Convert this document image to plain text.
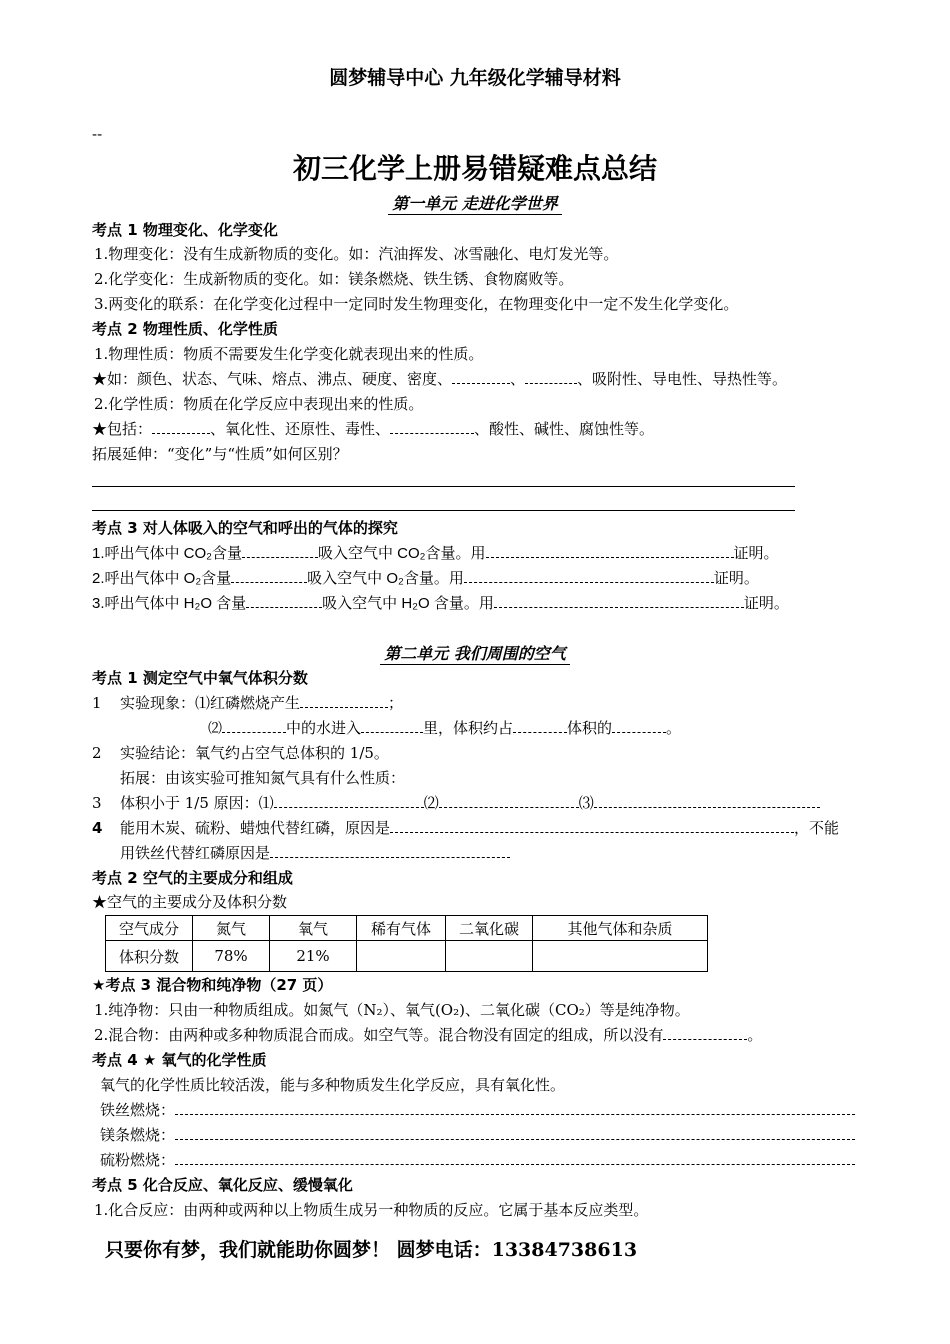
圆梦辅导中心 九年级化学辅导材料
--
初三化学上册易错疑难点总结
第一单元 走进化学世界
考点 1 物理变化、化学变化
1.物理变化：没有生成新物质的变化。如：汽油挥发、冰雪融化、电灯发光等。
2.化学变化：生成新物质的变化。如：镁条燃烧、铁生锈、食物腐败等。
3.两变化的联系：在化学变化过程中一定同时发生物理变化，在物理变化中一定不发生化学变化。
考点 2 物理性质、化学性质
1.物理性质：物质不需要发生化学变化就表现出来的性质。
★如：颜色、状态、气味、熔点、沸点、硬度、密度、	、	、吸附性、导电性、导热性等。
2.化学性质：物质在化学反应中表现出来的性质。
★包括：	、氧化性、还原性、毒性、	、酸性、碱性、腐蚀性等。
拓展延伸：“变化”与“性质”如何区别？
考点 3 对人体吸入的空气和呼出的气体的探究
1.呼出气体中 CO₂含量	吸入空气中 CO₂含量。用	证明。
2.呼出气体中 O₂含量	吸入空气中 O₂含量。用	证明。
3.呼出气体中 H₂O 含量	吸入空气中 H₂O 含量。用	证明。
第二单元 我们周围的空气
考点 1 测定空气中氧气体积分数
1 实验现象：⑴红磷燃烧产生	；
⑵	中的水进入	里，体积约占	体积的	。
2 实验结论：氧气约占空气总体积的 1/5。
拓展：由该实验可推知氮气具有什么性质：
3 体积小于 1/5 原因：⑴	⑵	⑶
4 能用木炭、硫粉、蜡烛代替红磷，原因是	，不能
用铁丝代替红磷原因是
考点 2 空气的主要成分和组成
★空气的主要成分及体积分数
空气成分	氮气	氧气	稀有气体	二氧化碳	其他气体和杂质
体积分数	78%	21%			
★考点 3 混合物和纯净物（27 页）
1.纯净物：只由一种物质组成。如氮气（N₂）、氧气(O₂)、二氧化碳（CO₂）等是纯净物。
2.混合物：由两种或多种物质混合而成。如空气等。混合物没有固定的组成，所以没有	。
考点 4 ★ 氧气的化学性质
氧气的化学性质比较活泼，能与多种物质发生化学反应，具有氧化性。
铁丝燃烧：
镁条燃烧：
硫粉燃烧：
考点 5 化合反应、氧化反应、缓慢氧化
1.化合反应：由两种或两种以上物质生成另一种物质的反应。它属于基本反应类型。
只要你有梦，我们就能助你圆梦！ 圆梦电话：13384738613
